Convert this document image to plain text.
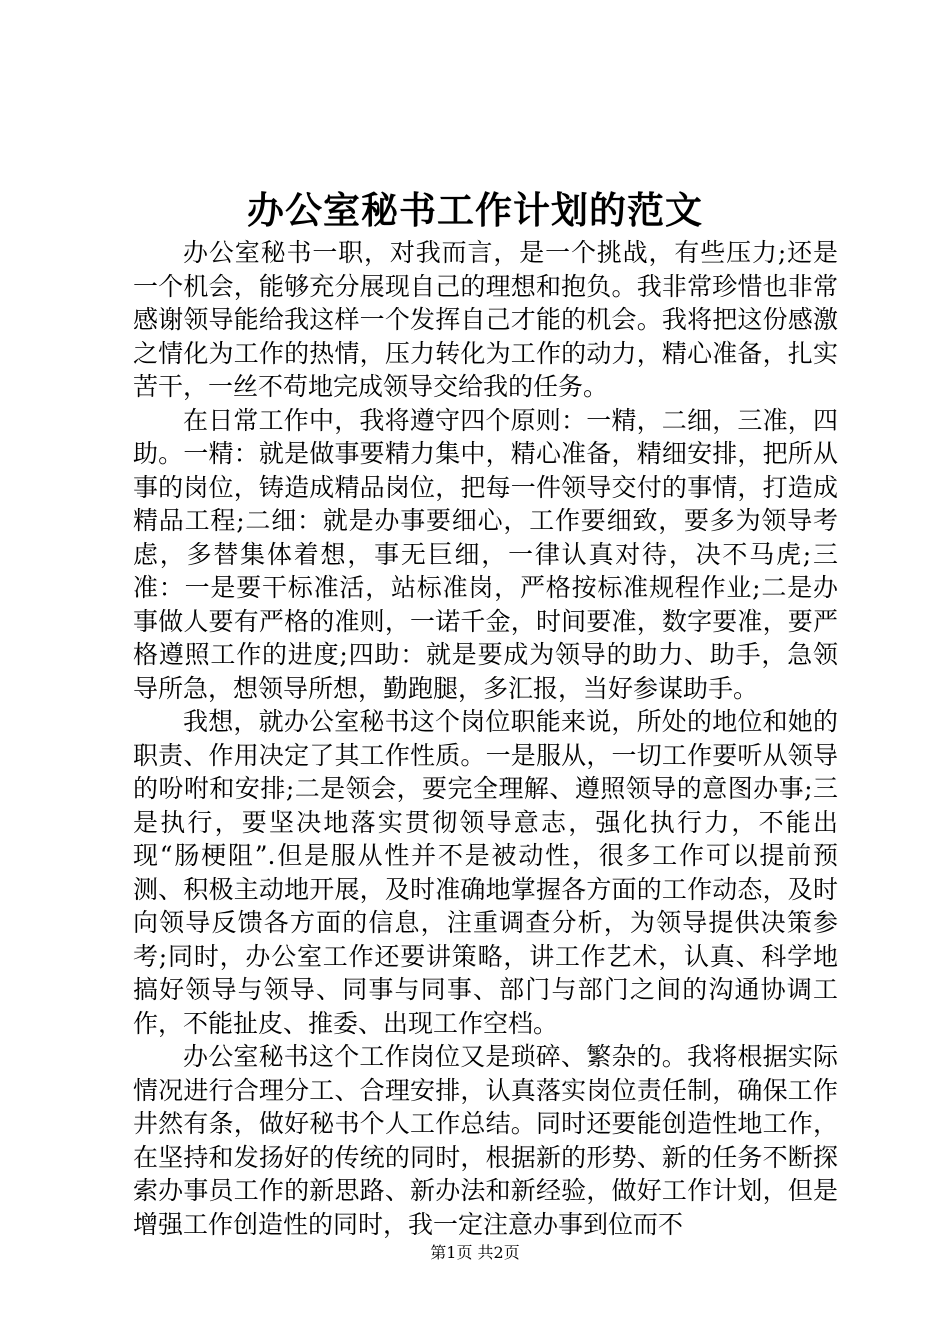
办公室秘书工作计划的范文

办公室秘书一职，对我而言，是一个挑战，有些压力;还是一个机会，能够充分展现自己的理想和抱负。我非常珍惜也非常感谢领导能给我这样一个发挥自己才能的机会。我将把这份感激之情化为工作的热情，压力转化为工作的动力，精心准备，扎实苦干，一丝不苟地完成领导交给我的任务。

在日常工作中，我将遵守四个原则：一精，二细，三准，四助。一精：就是做事要精力集中，精心准备，精细安排，把所从事的岗位，铸造成精品岗位，把每一件领导交付的事情，打造成精品工程;二细：就是办事要细心，工作要细致，要多为领导考虑，多替集体着想，事无巨细，一律认真对待，决不马虎;三准：一是要干标准活，站标准岗，严格按标准规程作业;二是办事做人要有严格的准则，一诺千金，时间要准，数字要准，要严格遵照工作的进度;四助：就是要成为领导的助力、助手，急领导所急，想领导所想，勤跑腿，多汇报，当好参谋助手。

我想，就办公室秘书这个岗位职能来说，所处的地位和她的职责、作用决定了其工作性质。一是服从，一切工作要听从领导的吩咐和安排;二是领会，要完全理解、遵照领导的意图办事;三是执行，要坚决地落实贯彻领导意志，强化执行力，不能出现“肠梗阻”.但是服从性并不是被动性，很多工作可以提前预测、积极主动地开展，及时准确地掌握各方面的工作动态，及时向领导反馈各方面的信息，注重调查分析，为领导提供决策参考;同时，办公室工作还要讲策略，讲工作艺术，认真、科学地搞好领导与领导、同事与同事、部门与部门之间的沟通协调工作，不能扯皮、推委、出现工作空档。

办公室秘书这个工作岗位又是琐碎、繁杂的。我将根据实际情况进行合理分工、合理安排，认真落实岗位责任制，确保工作井然有条，做好秘书个人工作总结。同时还要能创造性地工作，在坚持和发扬好的传统的同时，根据新的形势、新的任务不断探索办事员工作的新思路、新办法和新经验，做好工作计划，但是增强工作创造性的同时，我一定注意办事到位而不

第1页 共2页
